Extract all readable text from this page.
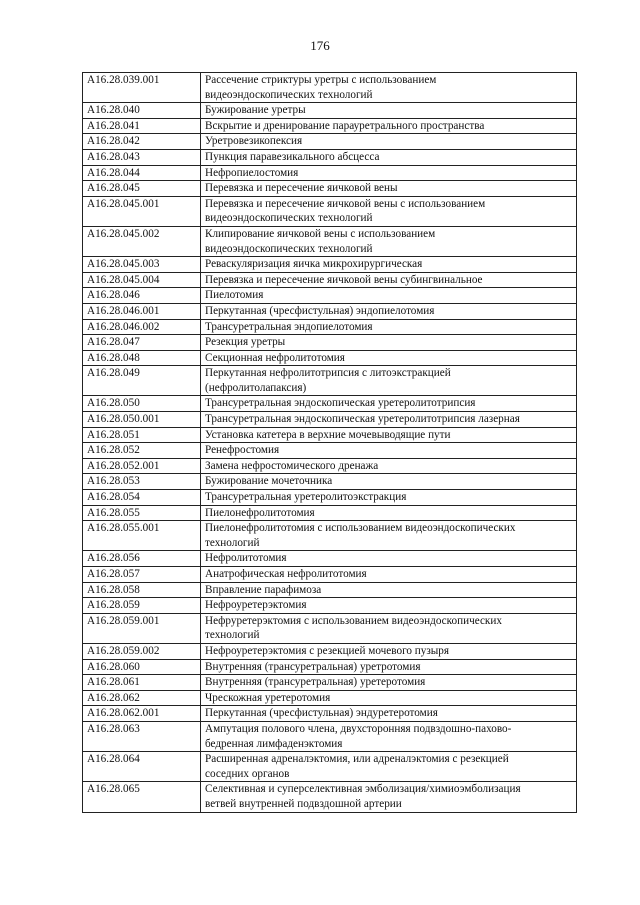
176
A16.28.039.001	Рассечение стриктуры уретры с использованием
видеоэндоскопических технологий
A16.28.040	Бужирование уретры
A16.28.041	Вскрытие и дренирование парауретрального пространства
A16.28.042	Уретровезикопексия
A16.28.043	Пункция паравезикального абсцесса
A16.28.044	Нефропиелостомия
A16.28.045	Перевязка и пересечение яичковой вены
A16.28.045.001	Перевязка и пересечение яичковой вены с использованием
видеоэндоскопических технологий
A16.28.045.002	Клипирование яичковой вены с использованием
видеоэндоскопических технологий
A16.28.045.003	Реваскуляризация яичка микрохирургическая
A16.28.045.004	Перевязка и пересечение яичковой вены субингвинальное
A16.28.046	Пиелотомия
A16.28.046.001	Перкутанная (чресфистульная) эндопиелотомия
A16.28.046.002	Трансуретральная эндопиелотомия
A16.28.047	Резекция уретры
A16.28.048	Секционная нефролитотомия
A16.28.049	Перкутанная нефролитотрипсия с литоэкстракцией
(нефролитолапаксия)
A16.28.050	Трансуретральная эндоскопическая уретеролитотрипсия
A16.28.050.001	Трансуретральная эндоскопическая уретеролитотрипсия лазерная
A16.28.051	Установка катетера в верхние мочевыводящие пути
A16.28.052	Ренефростомия
A16.28.052.001	Замена нефростомического дренажа
A16.28.053	Бужирование мочеточника
A16.28.054	Трансуретральная уретеролитоэкстракция
A16.28.055	Пиелонефролитотомия
A16.28.055.001	Пиелонефролитотомия с использованием видеоэндоскопических
технологий
A16.28.056	Нефролитотомия
A16.28.057	Анатрофическая нефролитотомия
A16.28.058	Вправление парафимоза
A16.28.059	Нефроуретерэктомия
A16.28.059.001	Нефруретерэктомия с использованием видеоэндоскопических
технологий
A16.28.059.002	Нефроуретерэктомия с резекцией мочевого пузыря
A16.28.060	Внутренняя (трансуретральная) уретротомия
A16.28.061	Внутренняя (трансуретральная) уретеротомия
A16.28.062	Чрескожная уретеротомия
A16.28.062.001	Перкутанная (чресфистульная) эндуретеротомия
A16.28.063	Ампутация полового члена, двухсторонняя подвздошно-пахово-
бедренная лимфаденэктомия
A16.28.064	Расширенная адреналэктомия, или адреналэктомия с резекцией
соседних органов
A16.28.065	Селективная и суперселективная эмболизация/химиоэмболизация
ветвей внутренней подвздошной артерии
